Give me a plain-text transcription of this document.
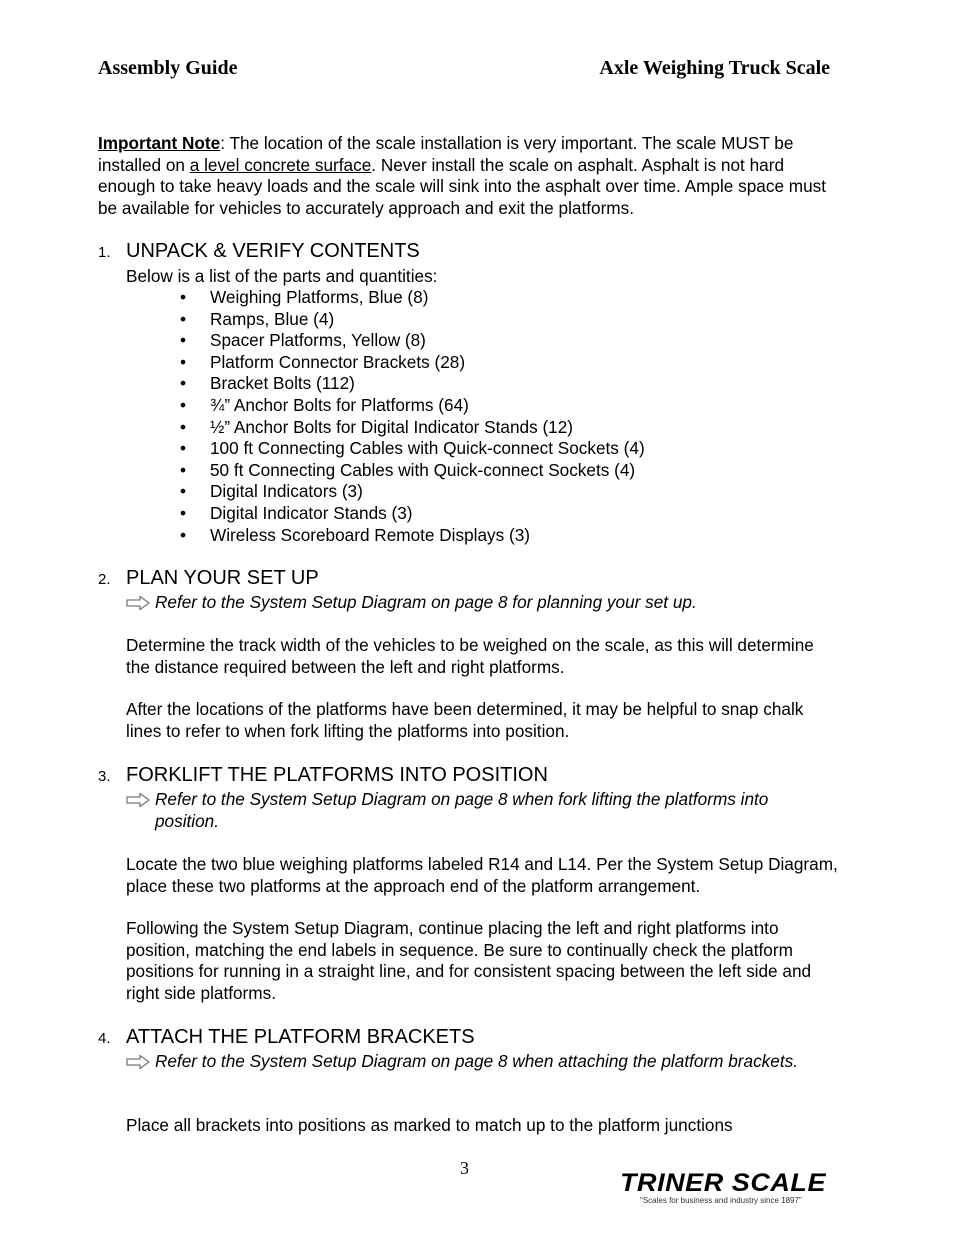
Assembly Guide	Axle Weighing Truck Scale
Important Note: The location of the scale installation is very important. The scale MUST be installed on a level concrete surface. Never install the scale on asphalt. Asphalt is not hard enough to take heavy loads and the scale will sink into the asphalt over time. Ample space must be available for vehicles to accurately approach and exit the platforms.
1. UNPACK & VERIFY CONTENTS
Below is a list of the parts and quantities:
•	Weighing Platforms, Blue (8)
•	Ramps, Blue (4)
•	Spacer Platforms, Yellow (8)
•	Platform Connector Brackets (28)
•	Bracket Bolts (112)
•	¾” Anchor Bolts for Platforms (64)
•	½” Anchor Bolts for Digital Indicator Stands (12)
•	100 ft Connecting Cables with Quick-connect Sockets (4)
•	50 ft Connecting Cables with Quick-connect Sockets (4)
•	Digital Indicators (3)
•	Digital Indicator Stands (3)
•	Wireless Scoreboard Remote Displays (3)
2. PLAN YOUR SET UP
Refer to the System Setup Diagram on page 8 for planning your set up.
Determine the track width of the vehicles to be weighed on the scale, as this will determine the distance required between the left and right platforms.
After the locations of the platforms have been determined, it may be helpful to snap chalk lines to refer to when fork lifting the platforms into position.
3. FORKLIFT THE PLATFORMS INTO POSITION
Refer to the System Setup Diagram on page 8 when fork lifting the platforms into position.
Locate the two blue weighing platforms labeled R14 and L14. Per the System Setup Diagram, place these two platforms at the approach end of the platform arrangement.
Following the System Setup Diagram, continue placing the left and right platforms into position, matching the end labels in sequence. Be sure to continually check the platform positions for running in a straight line, and for consistent spacing between the left side and right side platforms.
4. ATTACH THE PLATFORM BRACKETS
Refer to the System Setup Diagram on page 8 when attaching the platform brackets.
Place all brackets into positions as marked to match up to the platform junctions
3
TRINER SCALE
"Scales for business and industry since 1897"
